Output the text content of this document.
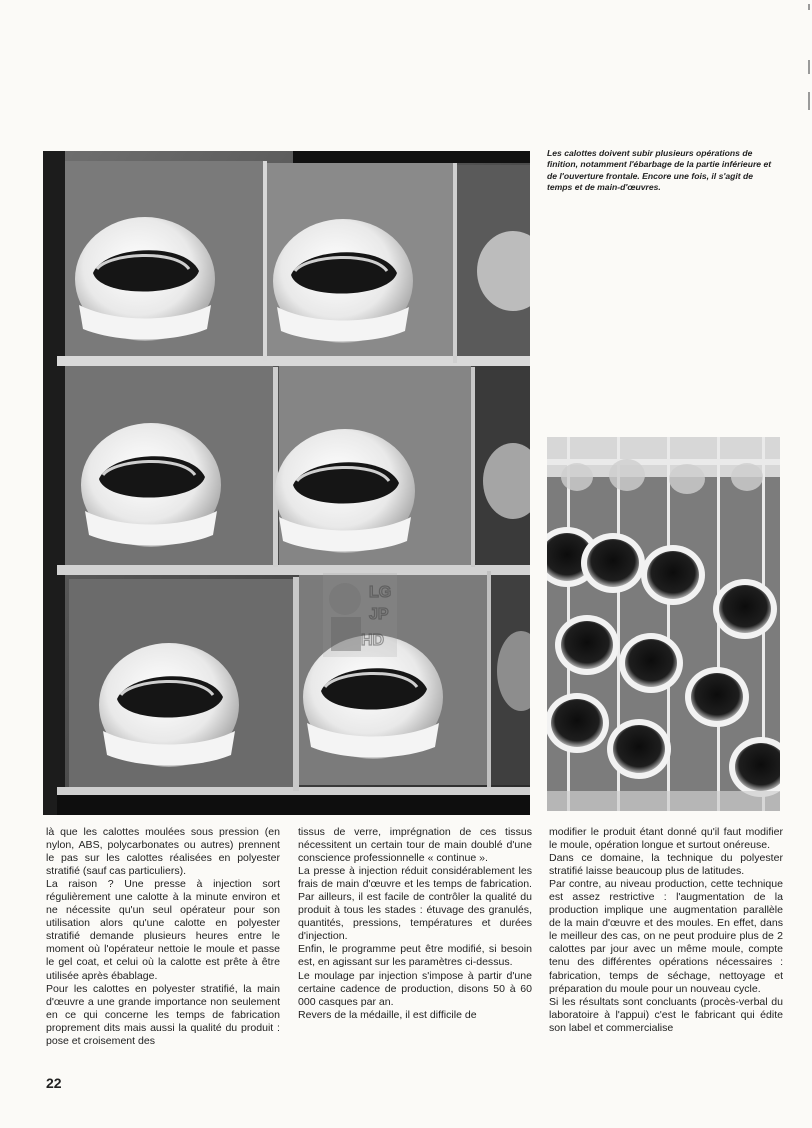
LG
JP
HD
Les calottes doivent subir plusieurs opérations de finition, notamment l'ébarbage de la partie inférieure et de l'ouverture frontale. Encore une fois, il s'agit de temps et de main-d'œuvres.

là que les calottes moulées sous pression (en nylon, ABS, polycarbonates ou autres) prennent le pas sur les calottes réalisées en polyester stratifié (sauf cas particuliers).

La raison ? Une presse à injection sort régulièrement une calotte à la minute environ et ne nécessite qu'un seul opérateur pour son utilisation alors qu'une calotte en polyester stratifié demande plusieurs heures entre le moment où l'opérateur nettoie le moule et passe le gel coat, et celui où la calotte est prête à être utilisée après ébablage.

Pour les calottes en polyester stratifié, la main d'œuvre a une grande importance non seulement en ce qui concerne les temps de fabrication proprement dits mais aussi la qualité du produit : pose et croisement des

tissus de verre, imprégnation de ces tissus nécessitent un certain tour de main doublé d'une conscience professionnelle « continue ».

La presse à injection réduit considérablement les frais de main d'œuvre et les temps de fabrication. Par ailleurs, il est facile de contrôler la qualité du produit à tous les stades : étuvage des granulés, quantités, pressions, températures et durées d'injection.

Enfin, le programme peut être modifié, si besoin est, en agissant sur les paramètres ci-dessus.

Le moulage par injection s'impose à partir d'une certaine cadence de production, disons 50 à 60 000 casques par an.

Revers de la médaille, il est difficile de

modifier le produit étant donné qu'il faut modifier le moule, opération longue et surtout onéreuse.

Dans ce domaine, la technique du polyester stratifié laisse beaucoup plus de latitudes.

Par contre, au niveau production, cette technique est assez restrictive : l'augmentation de la production implique une augmentation parallèle de la main d'œuvre et des moules. En effet, dans le meilleur des cas, on ne peut produire plus de 2 calottes par jour avec un même moule, compte tenu des différentes opérations nécessaires : fabrication, temps de séchage, nettoyage et préparation du moule pour un nouveau cycle.

Si les résultats sont concluants (procès-verbal du laboratoire à l'appui) c'est le fabricant qui édite son label et commercialise

22
